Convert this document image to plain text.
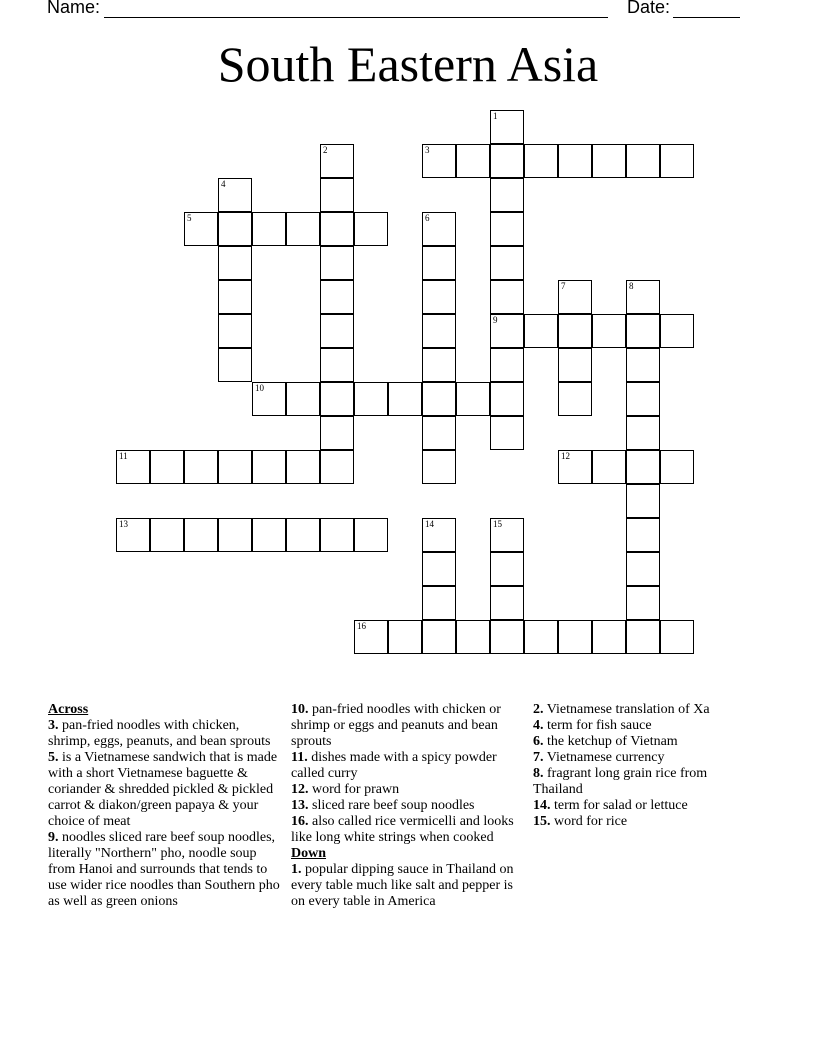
Name:	Date:
South Eastern Asia
1
9
2	3
4
5	6
7	8
10
11	12
13	14	15
16
Across
3. pan-fried noodles with chicken, shrimp, eggs, peanuts, and bean sprouts
5. is a Vietnamese sandwich that is made with a short Vietnamese baguette & coriander & shredded pickled & pickled carrot & diakon/green papaya & your choice of meat
9. noodles sliced rare beef soup noodles, literally "Northern" pho, noodle soup from Hanoi and surrounds that tends to use wider rice noodles than Southern pho as well as green onions
10. pan-fried noodles with chicken or shrimp or eggs and peanuts and bean sprouts
11. dishes made with a spicy powder called curry
12. word for prawn
13. sliced rare beef soup noodles
16. also called rice vermicelli and looks like long white strings when cooked
Down
1. popular dipping sauce in Thailand on every table much like salt and pepper is on every table in America
2. Vietnamese translation of Xa
4. term for fish sauce
6. the ketchup of Vietnam
7. Vietnamese currency
8. fragrant long grain rice from Thailand
14. term for salad or lettuce
15. word for rice
